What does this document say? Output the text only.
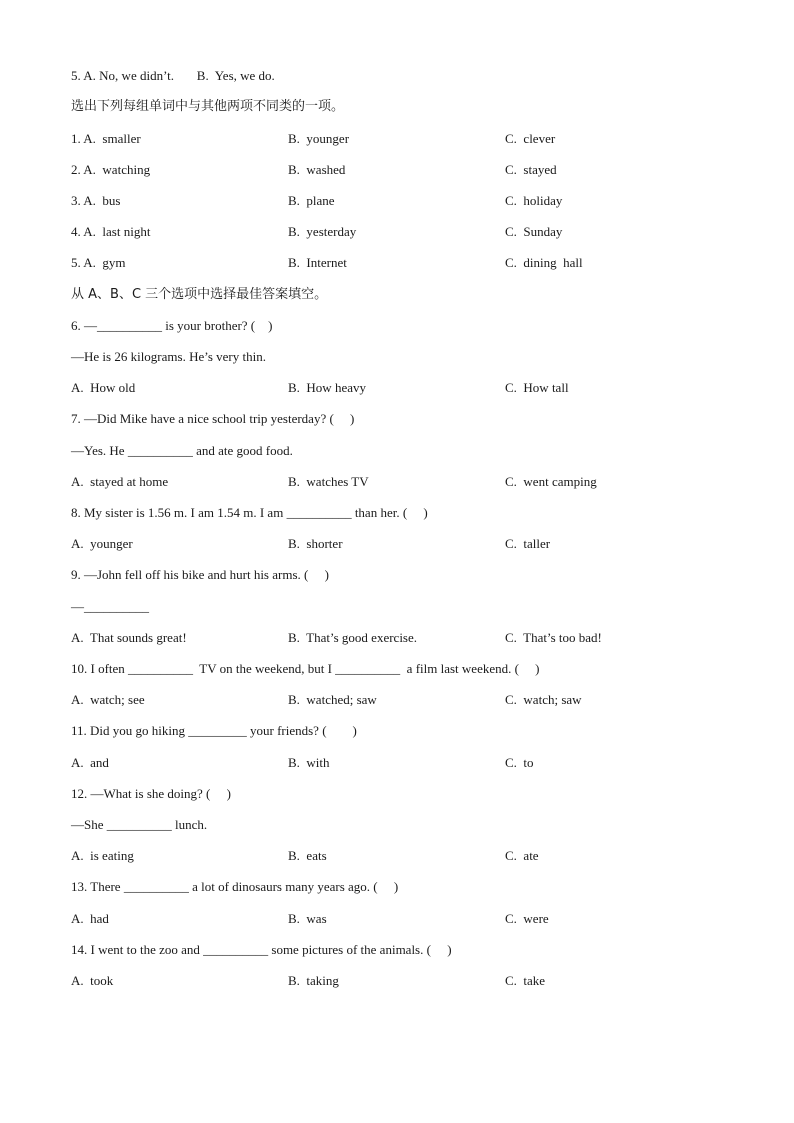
5. A. No, we didn’t.       B.  Yes, we do.
选出下列每组单词中与其他两项不同类的一项。
1. A.  smaller	B.  younger	C.  clever
2. A.  watching	B.  washed	C.  stayed
3. A.  bus	B.  plane	C.  holiday
4. A.  last night	B.  yesterday	C.  Sunday
5. A.  gym	B.  Internet	C.  dining  hall
从 A、B、C 三个选项中选择最佳答案填空。
6. —__________ is your brother? (    )
—He is 26 kilograms. He’s very thin.
A.  How old	B.  How heavy	C.  How tall
7. —Did Mike have a nice school trip yesterday? (     )
—Yes. He __________ and ate good food.
A.  stayed at home	B.  watches TV	C.  went camping
8. My sister is 1.56 m. I am 1.54 m. I am __________ than her. (     )
A.  younger	B.  shorter	C.  taller
9. —John fell off his bike and hurt his arms. (     )
—__________
A.  That sounds great!	B.  That’s good exercise.	C.  That’s too bad!
10. I often __________  TV on the weekend, but I __________  a film last weekend. (     )
A.  watch; see	B.  watched; saw	C.  watch; saw
11. Did you go hiking _________ your friends? (        )
A.  and	B.  with	C.  to
12. —What is she doing? (     )
—She __________ lunch.
A.  is eating	B.  eats	C.  ate
13. There __________ a lot of dinosaurs many years ago. (     )
A.  had	B.  was	C.  were
14. I went to the zoo and __________ some pictures of the animals. (     )
A.  took	B.  taking	C.  take
